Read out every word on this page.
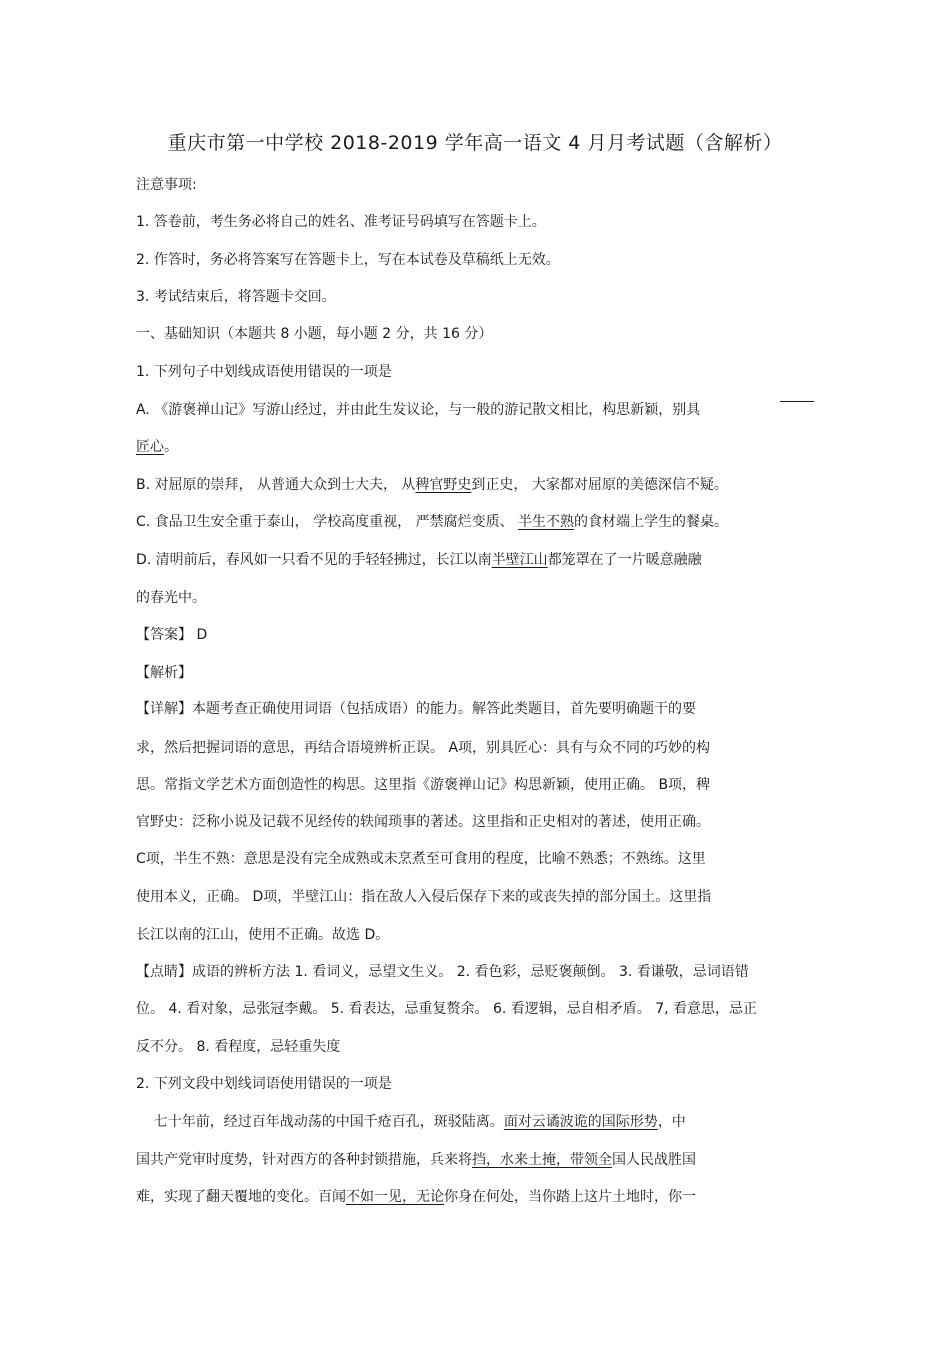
重庆市第一中学校 2018-2019 学年高一语文 4 月月考试题（含解析）
注意事项:
1. 答卷前，考生务必将自己的姓名、准考证号码填写在答题卡上。
2. 作答时，务必将答案写在答题卡上，写在本试卷及草稿纸上无效。
3. 考试结束后，将答题卡交回。
一、基础知识（本题共 8 小题，每小题 2 分，共 16 分）
1. 下列句子中划线成语使用错误的一项是
A. 《游褒禅山记》写游山经过，并由此生发议论，与一般的游记散文相比，构思新颖，别具
匠心。
B. 对屈原的崇拜， 从普通大众到士大夫， 从稗官野史到正史， 大家都对屈原的美德深信不疑。
C. 食品卫生安全重于泰山， 学校高度重视， 严禁腐烂变质、 半生不熟的食材端上学生的餐桌。
D. 清明前后，春风如一只看不见的手轻轻拂过，长江以南半壁江山都笼罩在了一片暖意融融
的春光中。
【答案】 D
【解析】
【详解】本题考查正确使用词语（包括成语）的能力。解答此类题目，首先要明确题干的要
求，然后把握词语的意思，再结合语境辨析正误。 A项，别具匠心：具有与众不同的巧妙的构
思。常指文学艺术方面创造性的构思。这里指《游褒禅山记》构思新颖，使用正确。 B项，稗
官野史：泛称小说及记载不见经传的轶闻琐事的著述。这里指和正史相对的著述，使用正确。
C项，半生不熟：意思是没有完全成熟或未烹煮至可食用的程度，比喻不熟悉；不熟练。这里
使用本义，正确。 D项，半壁江山：指在敌人入侵后保存下来的或丧失掉的部分国土。这里指
长江以南的江山，使用不正确。故选 D。
【点睛】成语的辨析方法 1. 看词义，忌望文生义。 2. 看色彩，忌贬褒颠倒。 3. 看谦敬，忌词语错
位。 4. 看对象，忌张冠李戴。 5. 看表达，忌重复赘余。 6. 看逻辑，忌自相矛盾。 7, 看意思，忌正
反不分。 8. 看程度，忌轻重失度
2. 下列文段中划线词语使用错误的一项是
七十年前，经过百年战动荡的中国千疮百孔，斑驳陆离。面对云谲波诡的国际形势，中
国共产党审时度势，针对西方的各种封锁措施，兵来将挡，水来土掩，带领全国人民战胜国
难，实现了翻天覆地的变化。百闻不如一见，无论你身在何处，当你踏上这片土地时，你一
